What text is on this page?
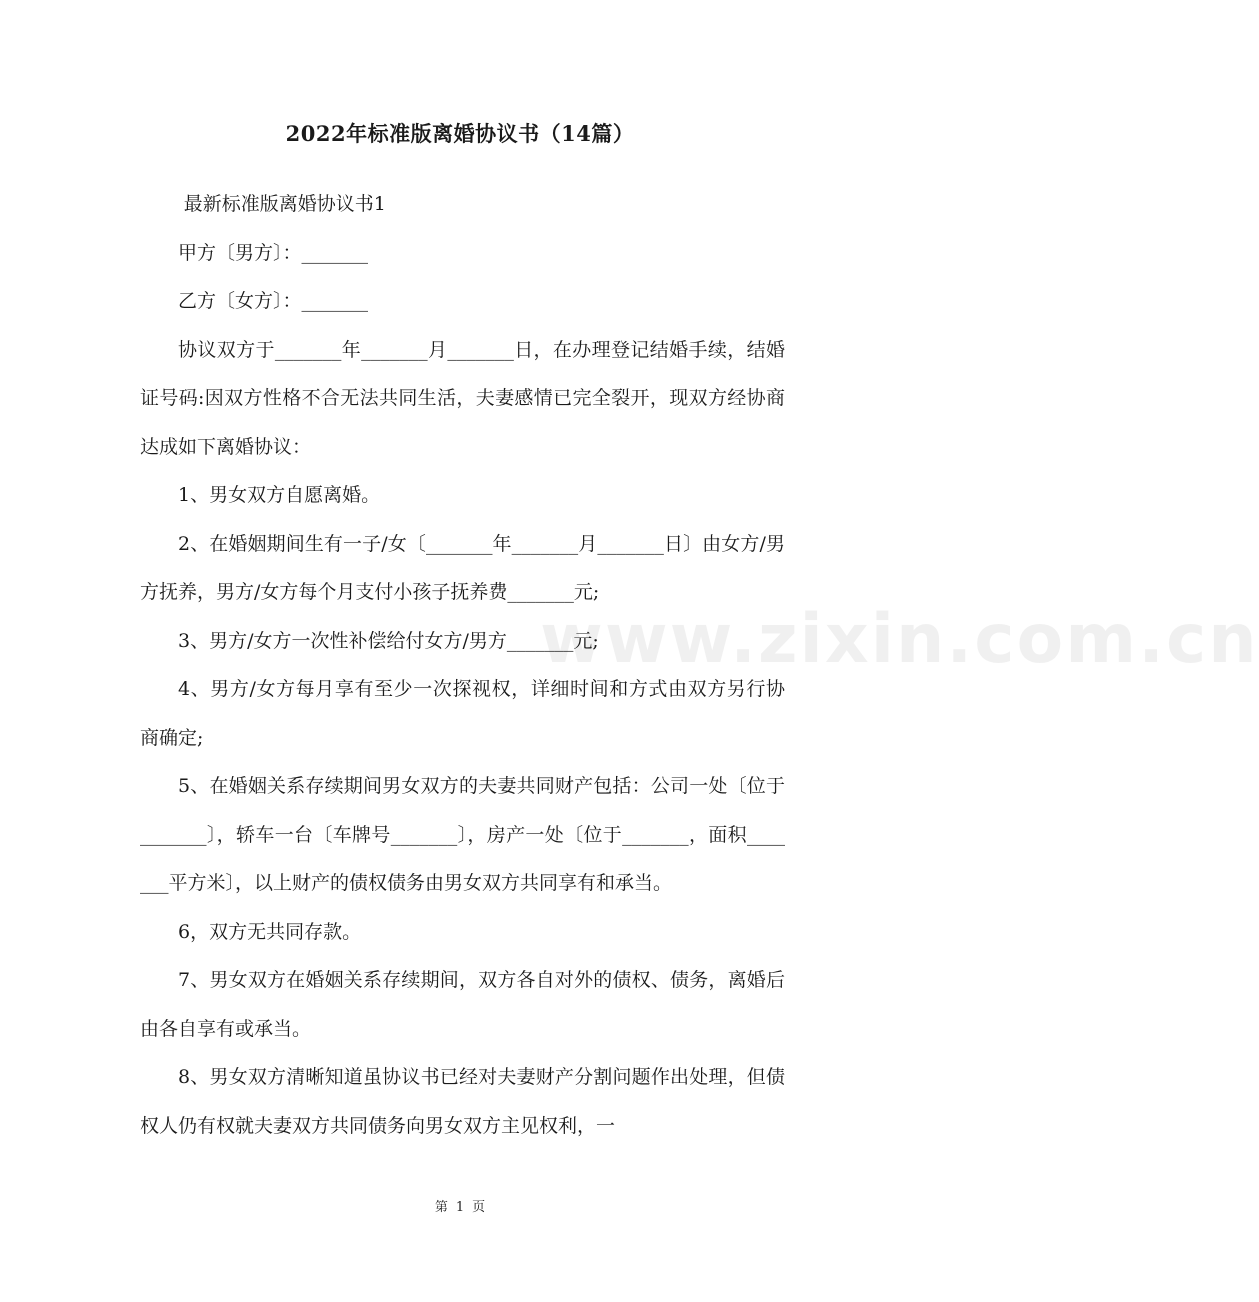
2022年标准版离婚协议书（14篇）

最新标准版离婚协议书1

甲方〔男方〕：_______

乙方〔女方〕：_______

协议双方于_______年_______月_______日，在办理登记结婚手续，结婚证号码:因双方性格不合无法共同生活，夫妻感情已完全裂开，现双方经协商达成如下离婚协议：

1、男女双方自愿离婚。

2、在婚姻期间生有一子/女〔_______年_______月_______日〕由女方/男方抚养，男方/女方每个月支付小孩子抚养费_______元;

3、男方/女方一次性补偿给付女方/男方_______元;

4、男方/女方每月享有至少一次探视权，详细时间和方式由双方另行协商确定;

5、在婚姻关系存续期间男女双方的夫妻共同财产包括：公司一处〔位于_______〕，轿车一台〔车牌号_______〕，房产一处〔位于_______，面积_______平方米〕，以上财产的债权债务由男女双方共同享有和承当。

6，双方无共同存款。

7、男女双方在婚姻关系存续期间，双方各自对外的债权、债务，离婚后由各自享有或承当。

8、男女双方清晰知道虽协议书已经对夫妻财产分割问题作出处理，但债权人仍有权就夫妻双方共同债务向男女双方主见权利，一

www.zixin.com.cn
第 1 页
